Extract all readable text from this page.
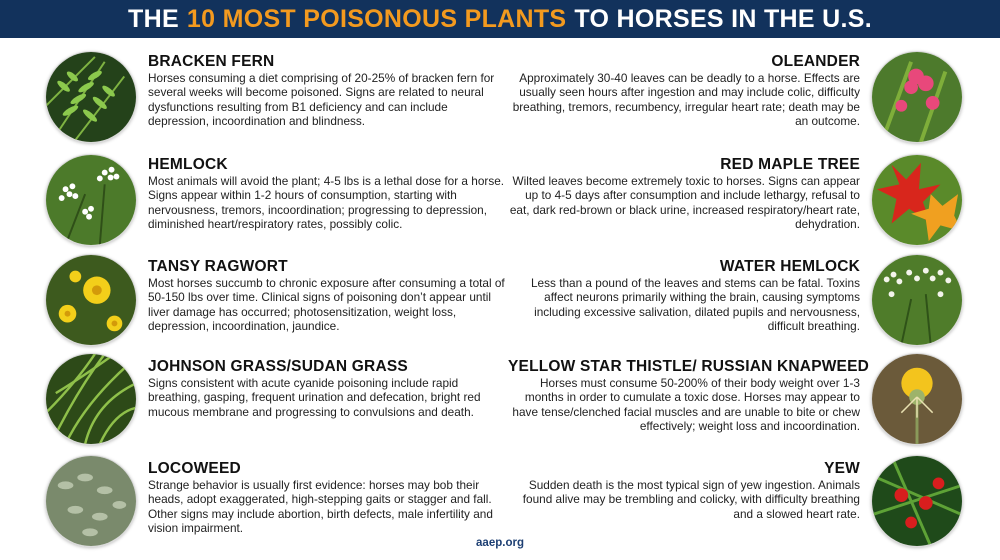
THE 10 MOST POISONOUS PLANTS TO HORSES IN THE U.S.
BRACKEN FERN
Horses consuming a diet comprising of 20-25% of bracken fern for several weeks will become poisoned. Signs are related to neural dysfunctions resulting from B1 deficiency and can include depression, incoordination and blindness.
HEMLOCK
Most animals will avoid the plant; 4-5 lbs is a lethal dose for a horse. Signs appear within 1-2 hours of consumption, starting with nervousness, tremors, incoordination; progressing to depression, diminished heart/respiratory rates, possibly colic.
TANSY RAGWORT
Most horses succumb to chronic exposure after consuming a total of 50-150 lbs over time. Clinical signs of poisoning don’t appear until liver damage has occurred; photosensitization, weight loss, depression, incoordination, jaundice.
JOHNSON GRASS/SUDAN GRASS
Signs consistent with acute cyanide poisoning include rapid breathing, gasping, frequent urination and defecation, bright red mucous membrane and progressing to convulsions and death.
LOCOWEED
Strange behavior is usually first evidence: horses may bob their heads, adopt exaggerated, high-stepping gaits or stagger and fall. Other signs may include abortion, birth defects, male infertility and vision impairment.
OLEANDER
Approximately 30-40 leaves can be deadly to a horse. Effects are usually seen hours after ingestion and may include colic, difficulty breathing, tremors, recumbency, irregular heart rate; death may be an outcome.
RED MAPLE TREE
Wilted leaves become extremely toxic to horses. Signs can appear up to 4-5 days after consumption and include lethargy, refusal to eat, dark red-brown or black urine, increased respiratory/heart rate, dehydration.
WATER HEMLOCK
Less than a pound of the leaves and stems can be fatal. Toxins affect neurons primarily withing the brain, causing symptoms including excessive salivation, dilated pupils and nervousness, difficult breathing.
YELLOW STAR THISTLE/ RUSSIAN KNAPWEED
Horses must consume 50-200% of their body weight over 1-3 months in order to cumulate a toxic dose. Horses may appear to have tense/clenched facial muscles and are unable to bite or chew effectively; weight loss and incoordination.
YEW
Sudden death is the most typical sign of yew ingestion. Animals found alive may be trembling and colicky, with difficulty breathing and a slowed heart rate.
aaep.org
